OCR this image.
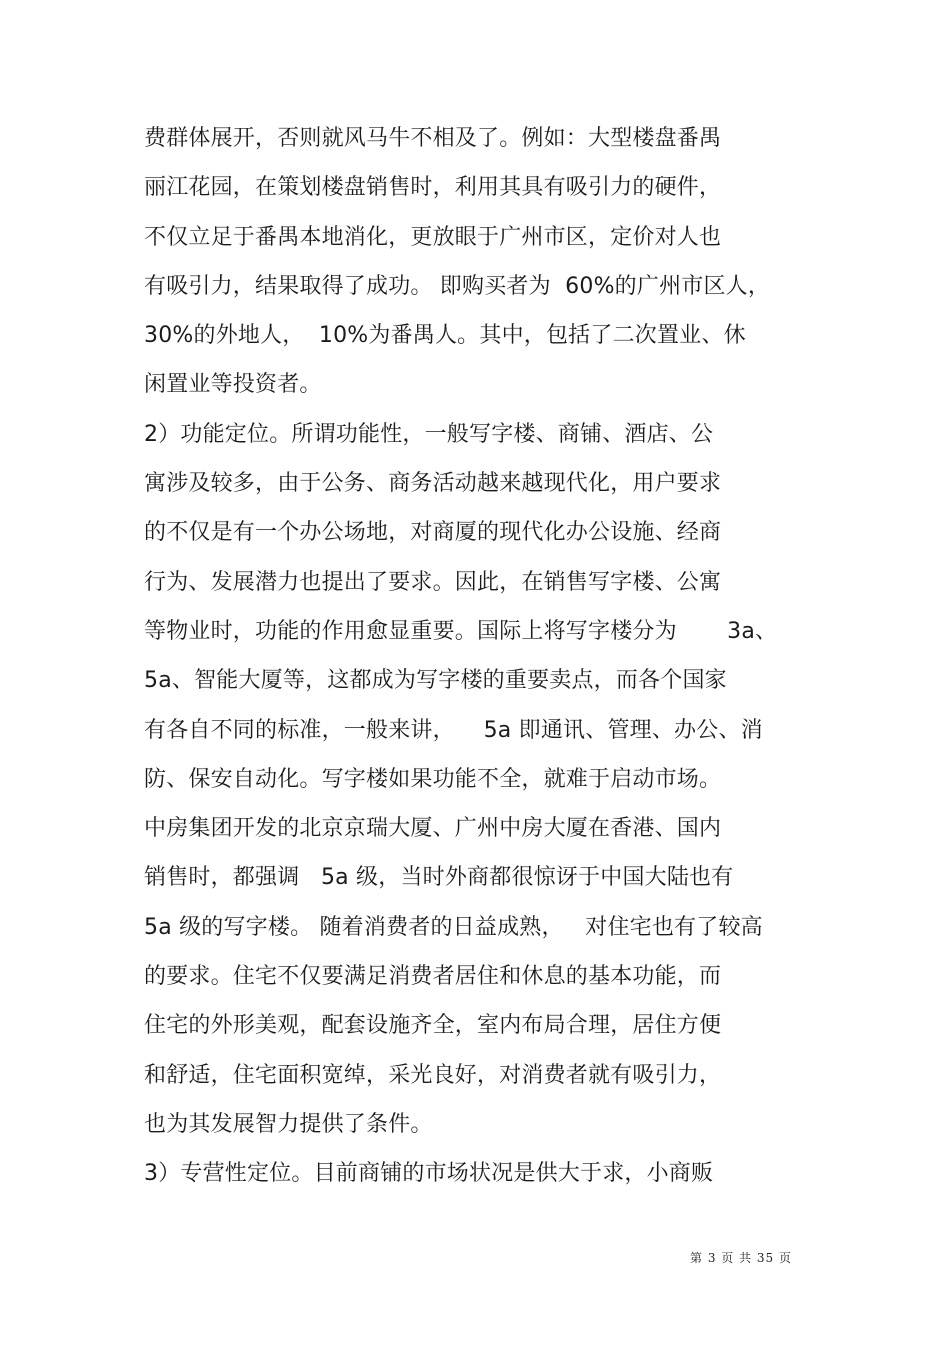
费群体展开，否则就风马牛不相及了。例如：大型楼盘番禺
丽江花园，在策划楼盘销售时，利用其具有吸引力的硬件，
不仅立足于番禺本地消化，更放眼于广州市区，定价对人也
有吸引力，结果取得了成功。 即购买者为  60%的广州市区人，
30%的外地人，  10%为番禺人。其中，包括了二次置业、休
闲置业等投资者。
2）功能定位。所谓功能性，一般写字楼、商铺、酒店、公
寓涉及较多，由于公务、商务活动越来越现代化，用户要求
的不仅是有一个办公场地，对商厦的现代化办公设施、经商
行为、发展潜力也提出了要求。因此，在销售写字楼、公寓
等物业时，功能的作用愈显重要。国际上将写字楼分为       3a、
5a、智能大厦等，这都成为写字楼的重要卖点，而各个国家
有各自不同的标准，一般来讲，    5a 即通讯、管理、办公、消
防、保安自动化。写字楼如果功能不全，就难于启动市场。
中房集团开发的北京京瑞大厦、广州中房大厦在香港、国内
销售时，都强调   5a 级，当时外商都很惊讶于中国大陆也有
5a 级的写字楼。 随着消费者的日益成熟，   对住宅也有了较高
的要求。住宅不仅要满足消费者居住和休息的基本功能，而
住宅的外形美观，配套设施齐全，室内布局合理，居住方便
和舒适，住宅面积宽绰，采光良好，对消费者就有吸引力，
也为其发展智力提供了条件。
3）专营性定位。目前商铺的市场状况是供大于求，小商贩
第 3 页 共 35 页
